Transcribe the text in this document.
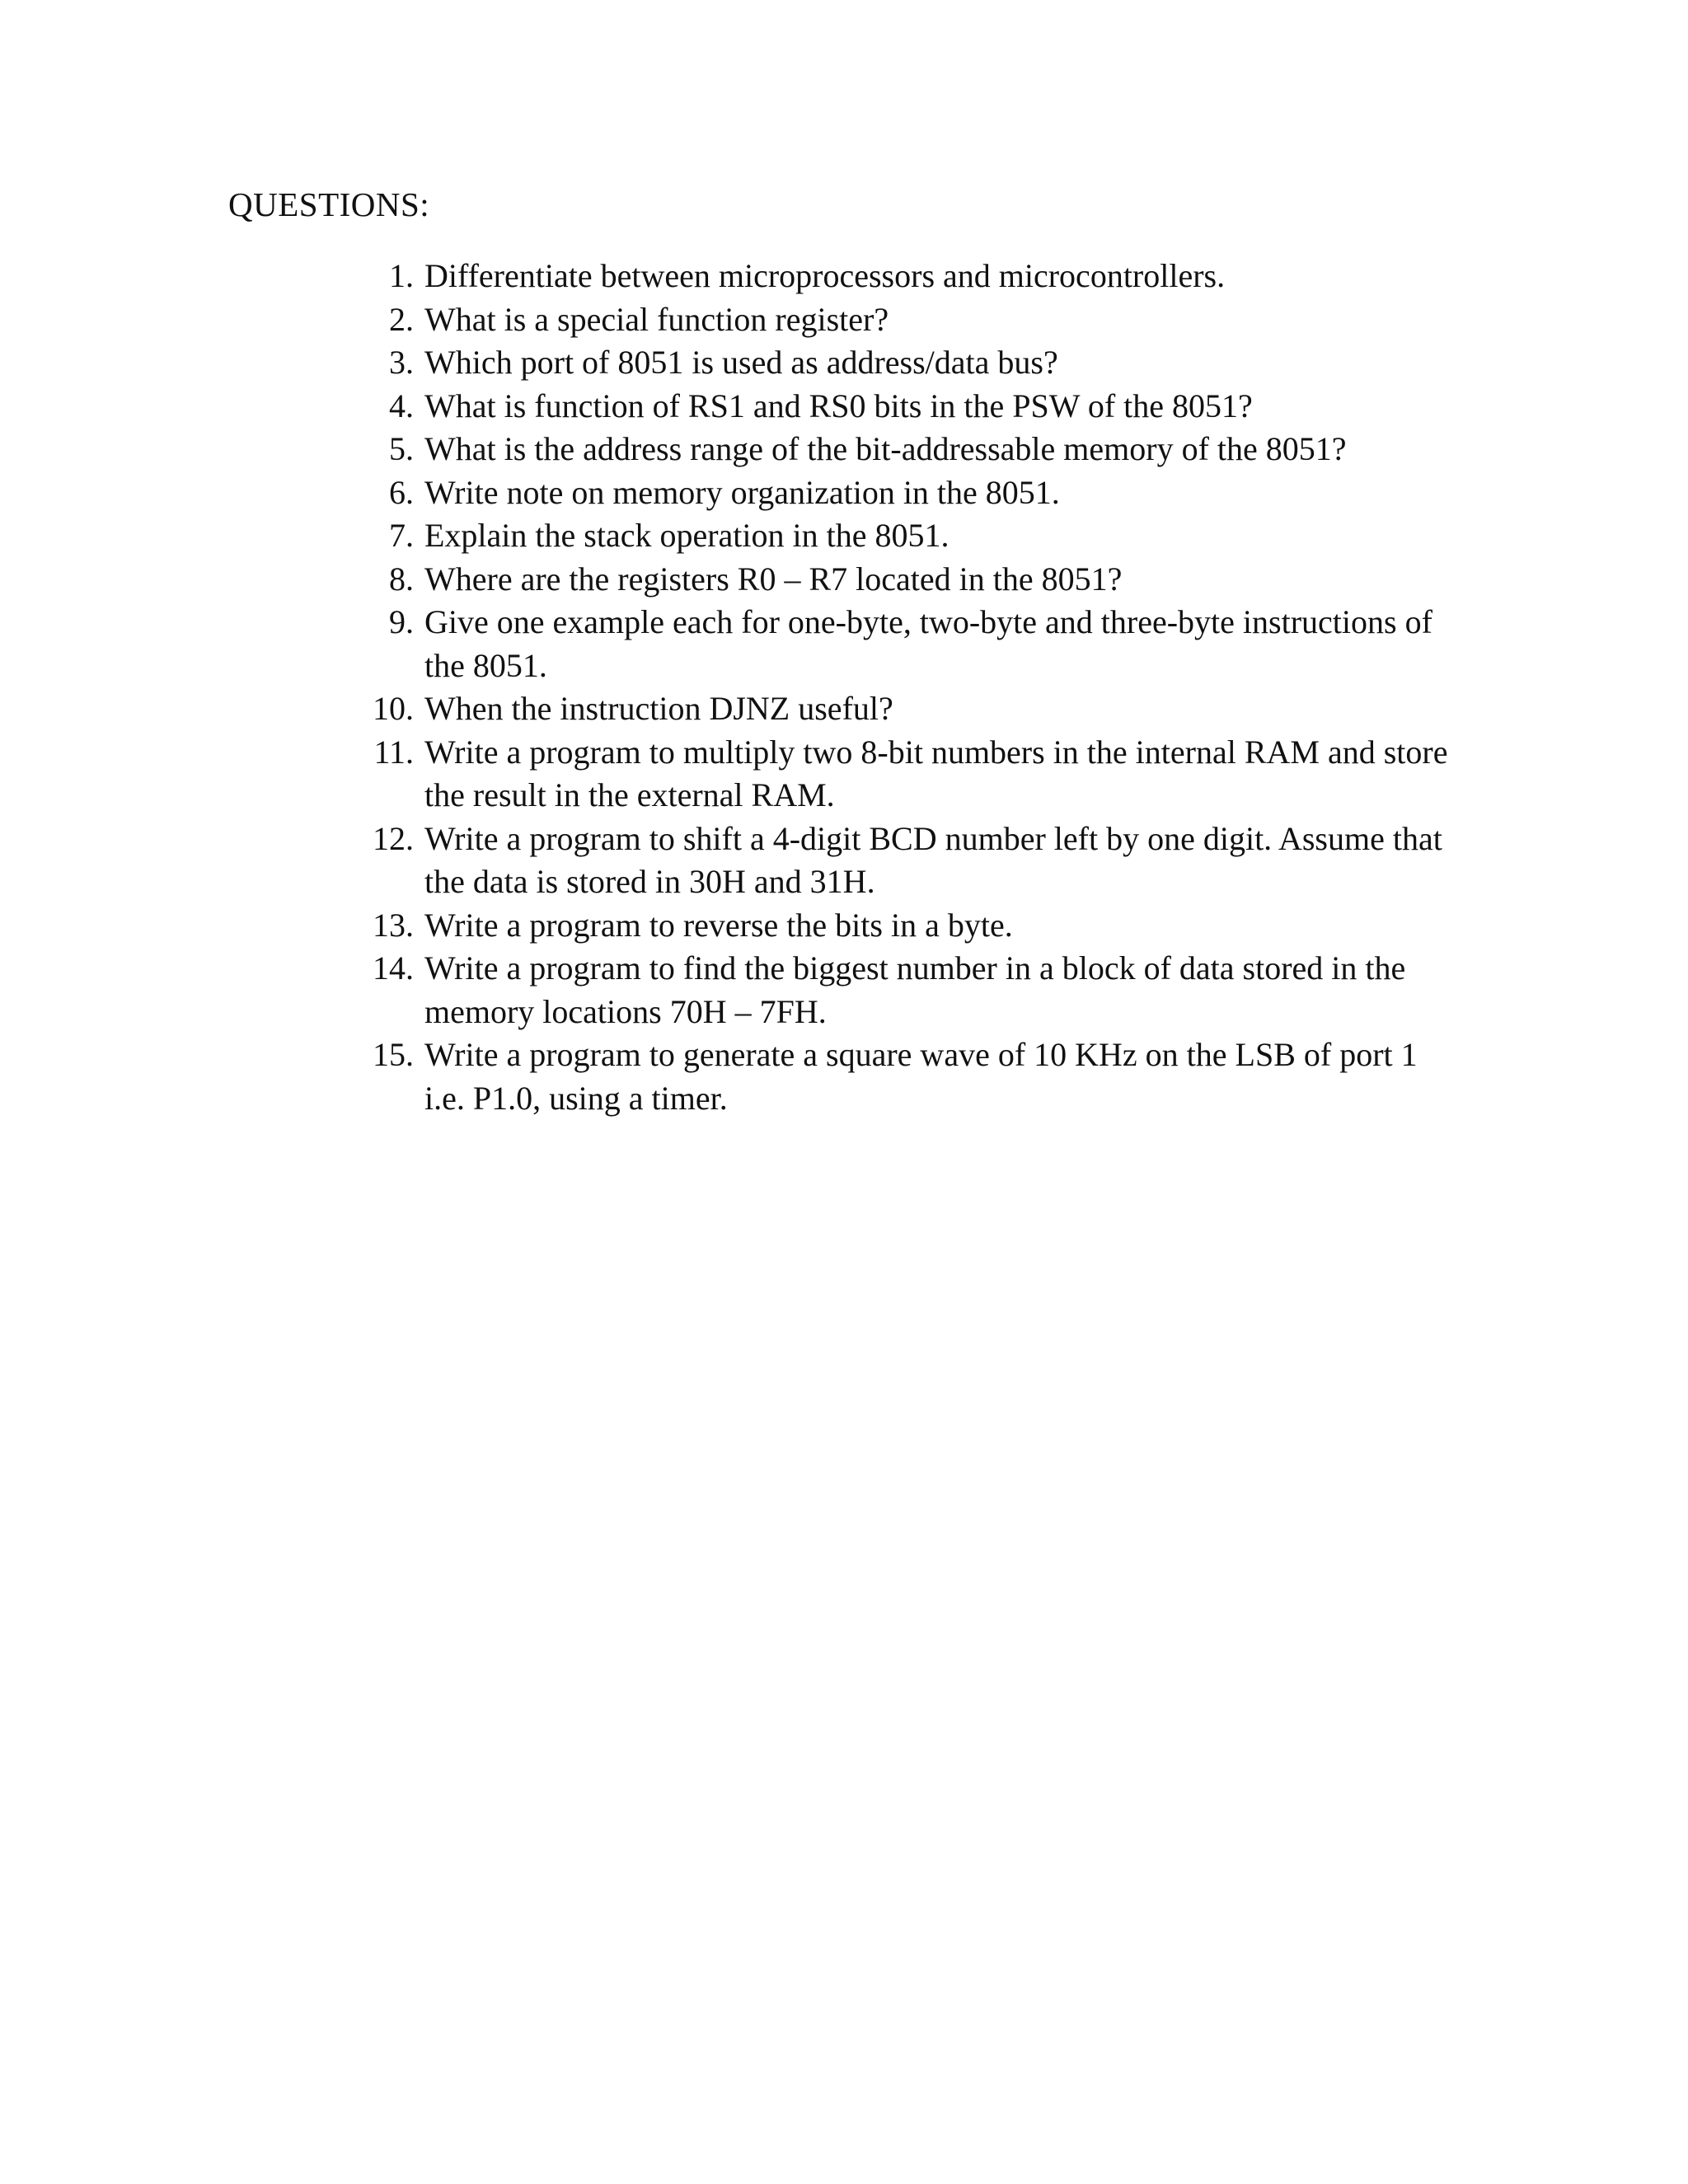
QUESTIONS:
1. Differentiate between microprocessors and microcontrollers.
2. What is a special function register?
3. Which port of 8051 is used as address/data bus?
4. What is function of RS1 and RS0 bits in the PSW of the 8051?
5. What is the address range of the bit-addressable memory of the 8051?
6. Write note on memory organization in the 8051.
7. Explain the stack operation in the 8051.
8. Where are the registers R0 – R7 located in the 8051?
9. Give one example each for one-byte, two-byte and three-byte instructions of the 8051.
10. When the instruction DJNZ useful?
11. Write a program to multiply two 8-bit numbers in the internal RAM and store the result in the external RAM.
12. Write a program to shift a 4-digit BCD number left by one digit. Assume that the data is stored in 30H and 31H.
13. Write a program to reverse the bits in a byte.
14. Write a program to find the biggest number in a block of data stored in the memory locations 70H – 7FH.
15. Write a program to generate a square wave of 10 KHz on the LSB of port 1 i.e. P1.0, using a timer.
